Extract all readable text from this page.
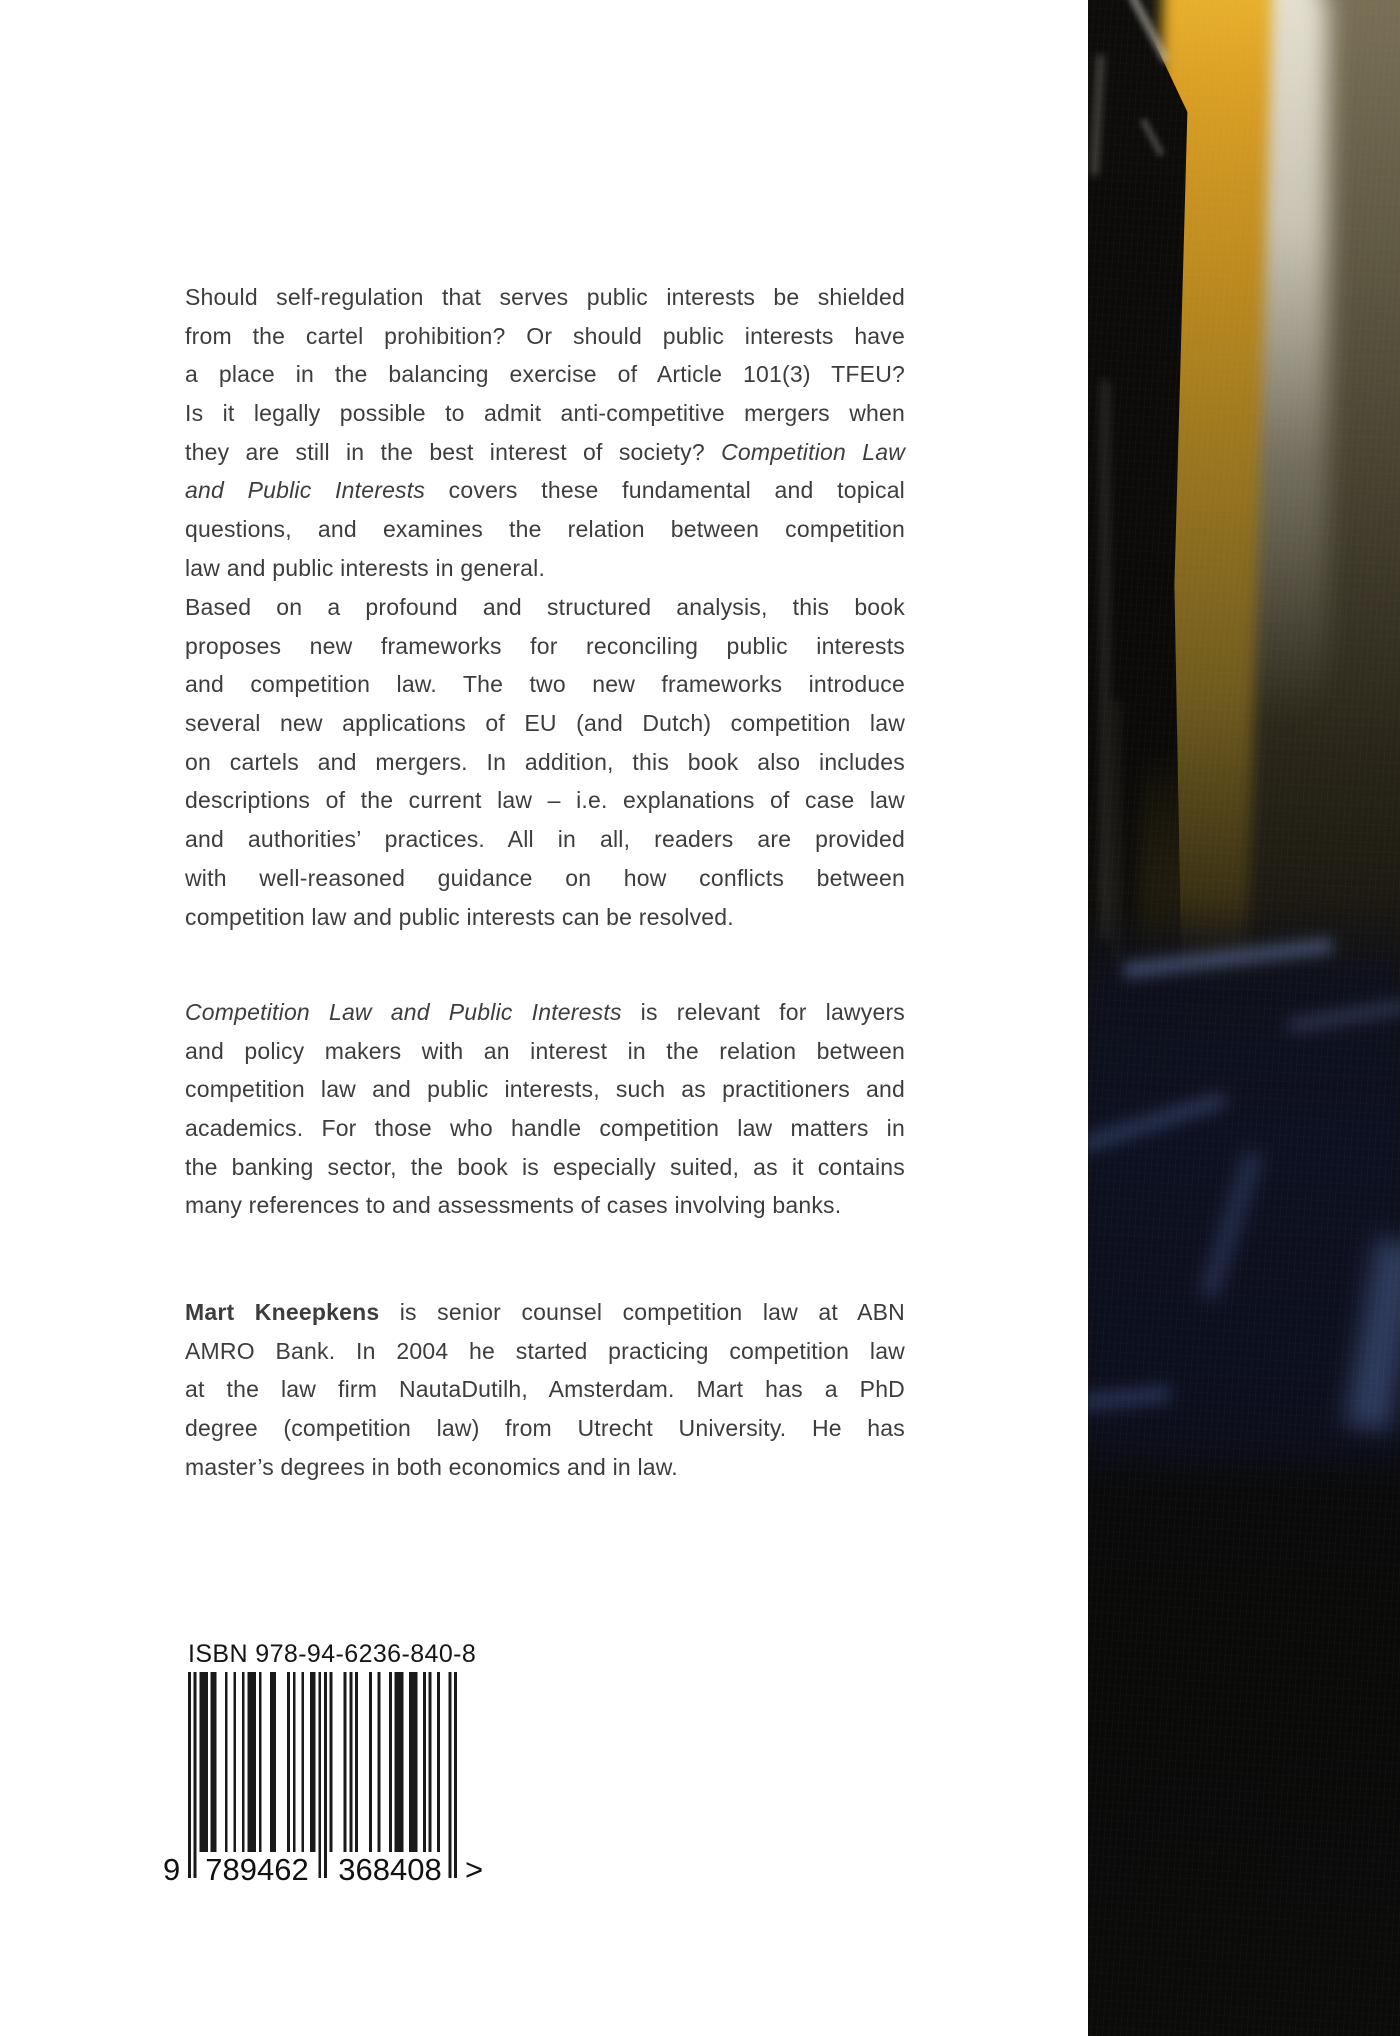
Should self-regulation that serves public interests be shielded
from the cartel prohibition? Or should public interests have
a place in the balancing exercise of Article 101(3) TFEU?
Is it legally possible to admit anti-competitive mergers when
they are still in the best interest of society? Competition Law
and Public Interests covers these fundamental and topical
questions, and examines the relation between competition
law and public interests in general.
Based on a profound and structured analysis, this book
proposes new frameworks for reconciling public interests
and competition law. The two new frameworks introduce
several new applications of EU (and Dutch) competition law
on cartels and mergers. In addition, this book also includes
descriptions of the current law – i.e. explanations of case law
and authorities’ practices. All in all, readers are provided
with well-reasoned guidance on how conflicts between
competition law and public interests can be resolved.
Competition Law and Public Interests is relevant for lawyers
and policy makers with an interest in the relation between
competition law and public interests, such as practitioners and
academics. For those who handle competition law matters in
the banking sector, the book is especially suited, as it contains
many references to and assessments of cases involving banks.
Mart Kneepkens is senior counsel competition law at ABN
AMRO Bank. In 2004 he started practicing competition law
at the law firm NautaDutilh, Amsterdam. Mart has a PhD
degree (competition law) from Utrecht University. He has
master’s degrees in both economics and in law.
ISBN 978-94-6236-840-8
9 789462 368408 >
